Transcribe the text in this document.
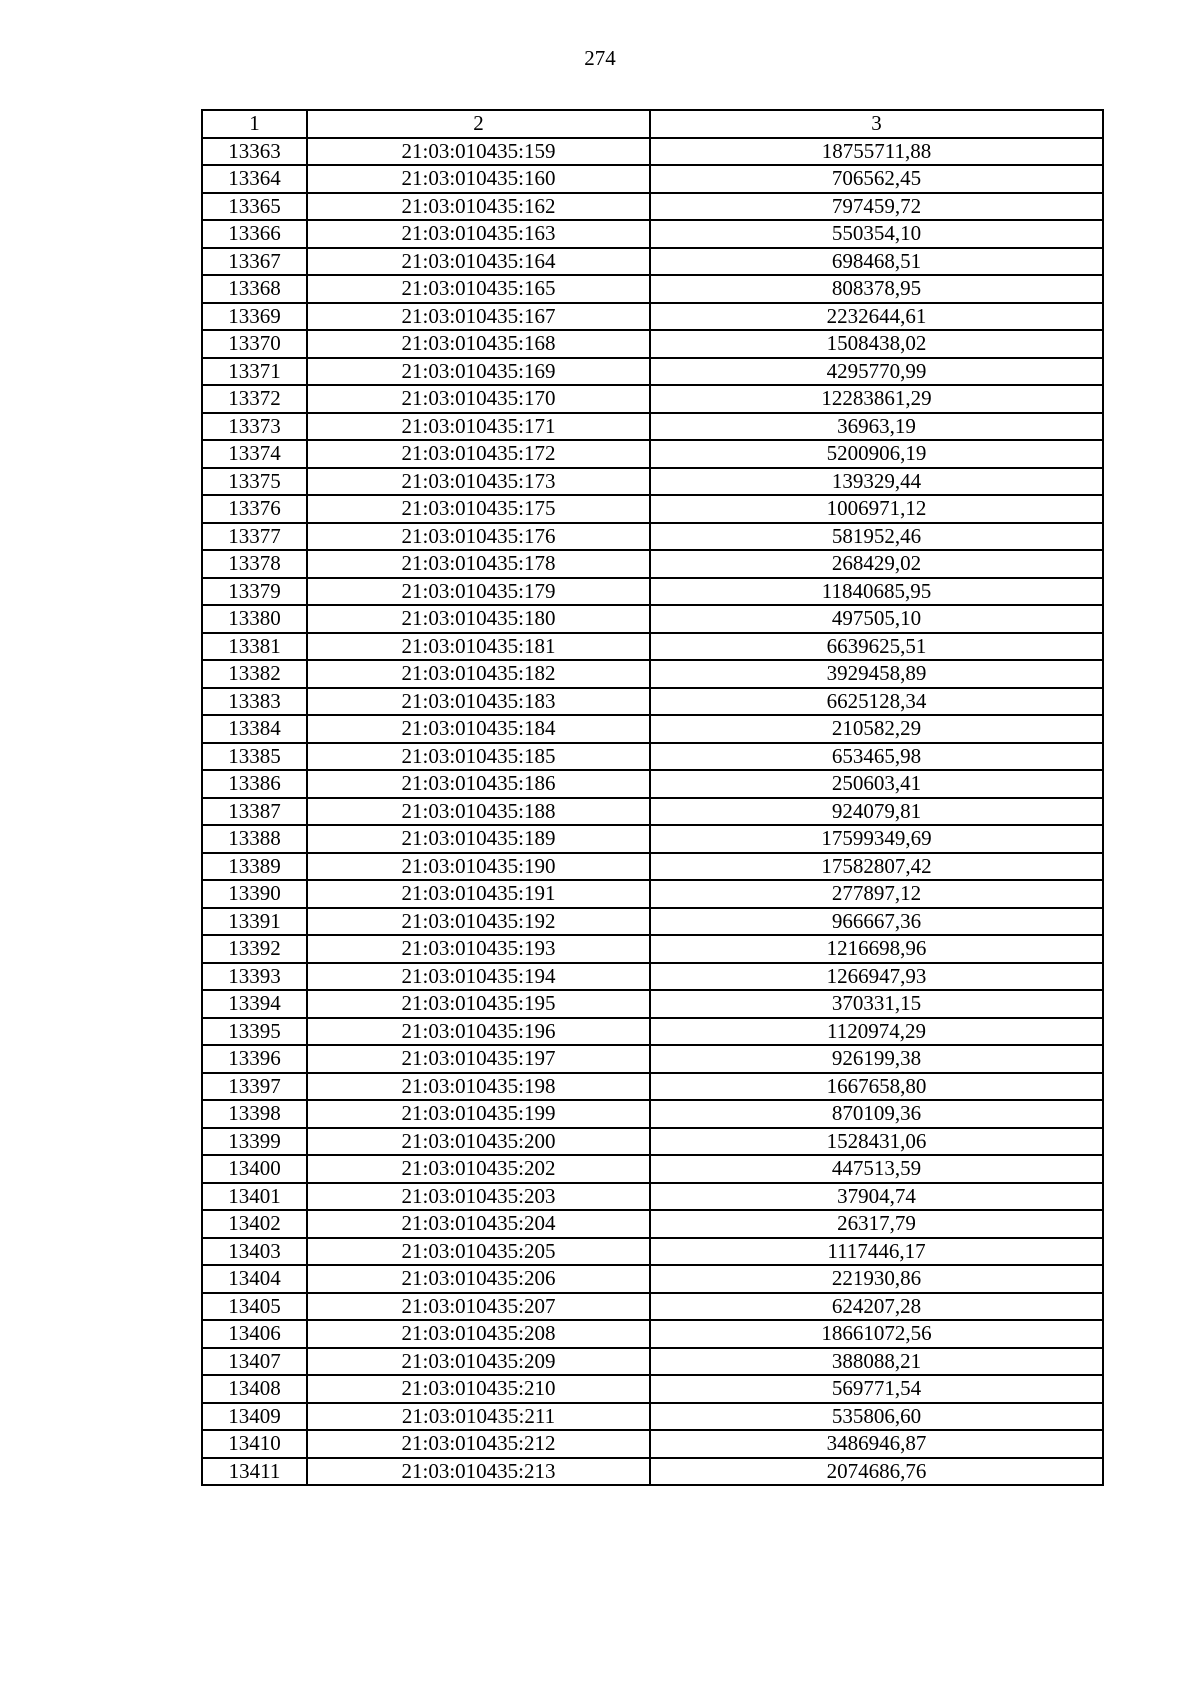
274
1	2	3
13363	21:03:010435:159	18755711,88
13364	21:03:010435:160	706562,45
13365	21:03:010435:162	797459,72
13366	21:03:010435:163	550354,10
13367	21:03:010435:164	698468,51
13368	21:03:010435:165	808378,95
13369	21:03:010435:167	2232644,61
13370	21:03:010435:168	1508438,02
13371	21:03:010435:169	4295770,99
13372	21:03:010435:170	12283861,29
13373	21:03:010435:171	36963,19
13374	21:03:010435:172	5200906,19
13375	21:03:010435:173	139329,44
13376	21:03:010435:175	1006971,12
13377	21:03:010435:176	581952,46
13378	21:03:010435:178	268429,02
13379	21:03:010435:179	11840685,95
13380	21:03:010435:180	497505,10
13381	21:03:010435:181	6639625,51
13382	21:03:010435:182	3929458,89
13383	21:03:010435:183	6625128,34
13384	21:03:010435:184	210582,29
13385	21:03:010435:185	653465,98
13386	21:03:010435:186	250603,41
13387	21:03:010435:188	924079,81
13388	21:03:010435:189	17599349,69
13389	21:03:010435:190	17582807,42
13390	21:03:010435:191	277897,12
13391	21:03:010435:192	966667,36
13392	21:03:010435:193	1216698,96
13393	21:03:010435:194	1266947,93
13394	21:03:010435:195	370331,15
13395	21:03:010435:196	1120974,29
13396	21:03:010435:197	926199,38
13397	21:03:010435:198	1667658,80
13398	21:03:010435:199	870109,36
13399	21:03:010435:200	1528431,06
13400	21:03:010435:202	447513,59
13401	21:03:010435:203	37904,74
13402	21:03:010435:204	26317,79
13403	21:03:010435:205	1117446,17
13404	21:03:010435:206	221930,86
13405	21:03:010435:207	624207,28
13406	21:03:010435:208	18661072,56
13407	21:03:010435:209	388088,21
13408	21:03:010435:210	569771,54
13409	21:03:010435:211	535806,60
13410	21:03:010435:212	3486946,87
13411	21:03:010435:213	2074686,76
